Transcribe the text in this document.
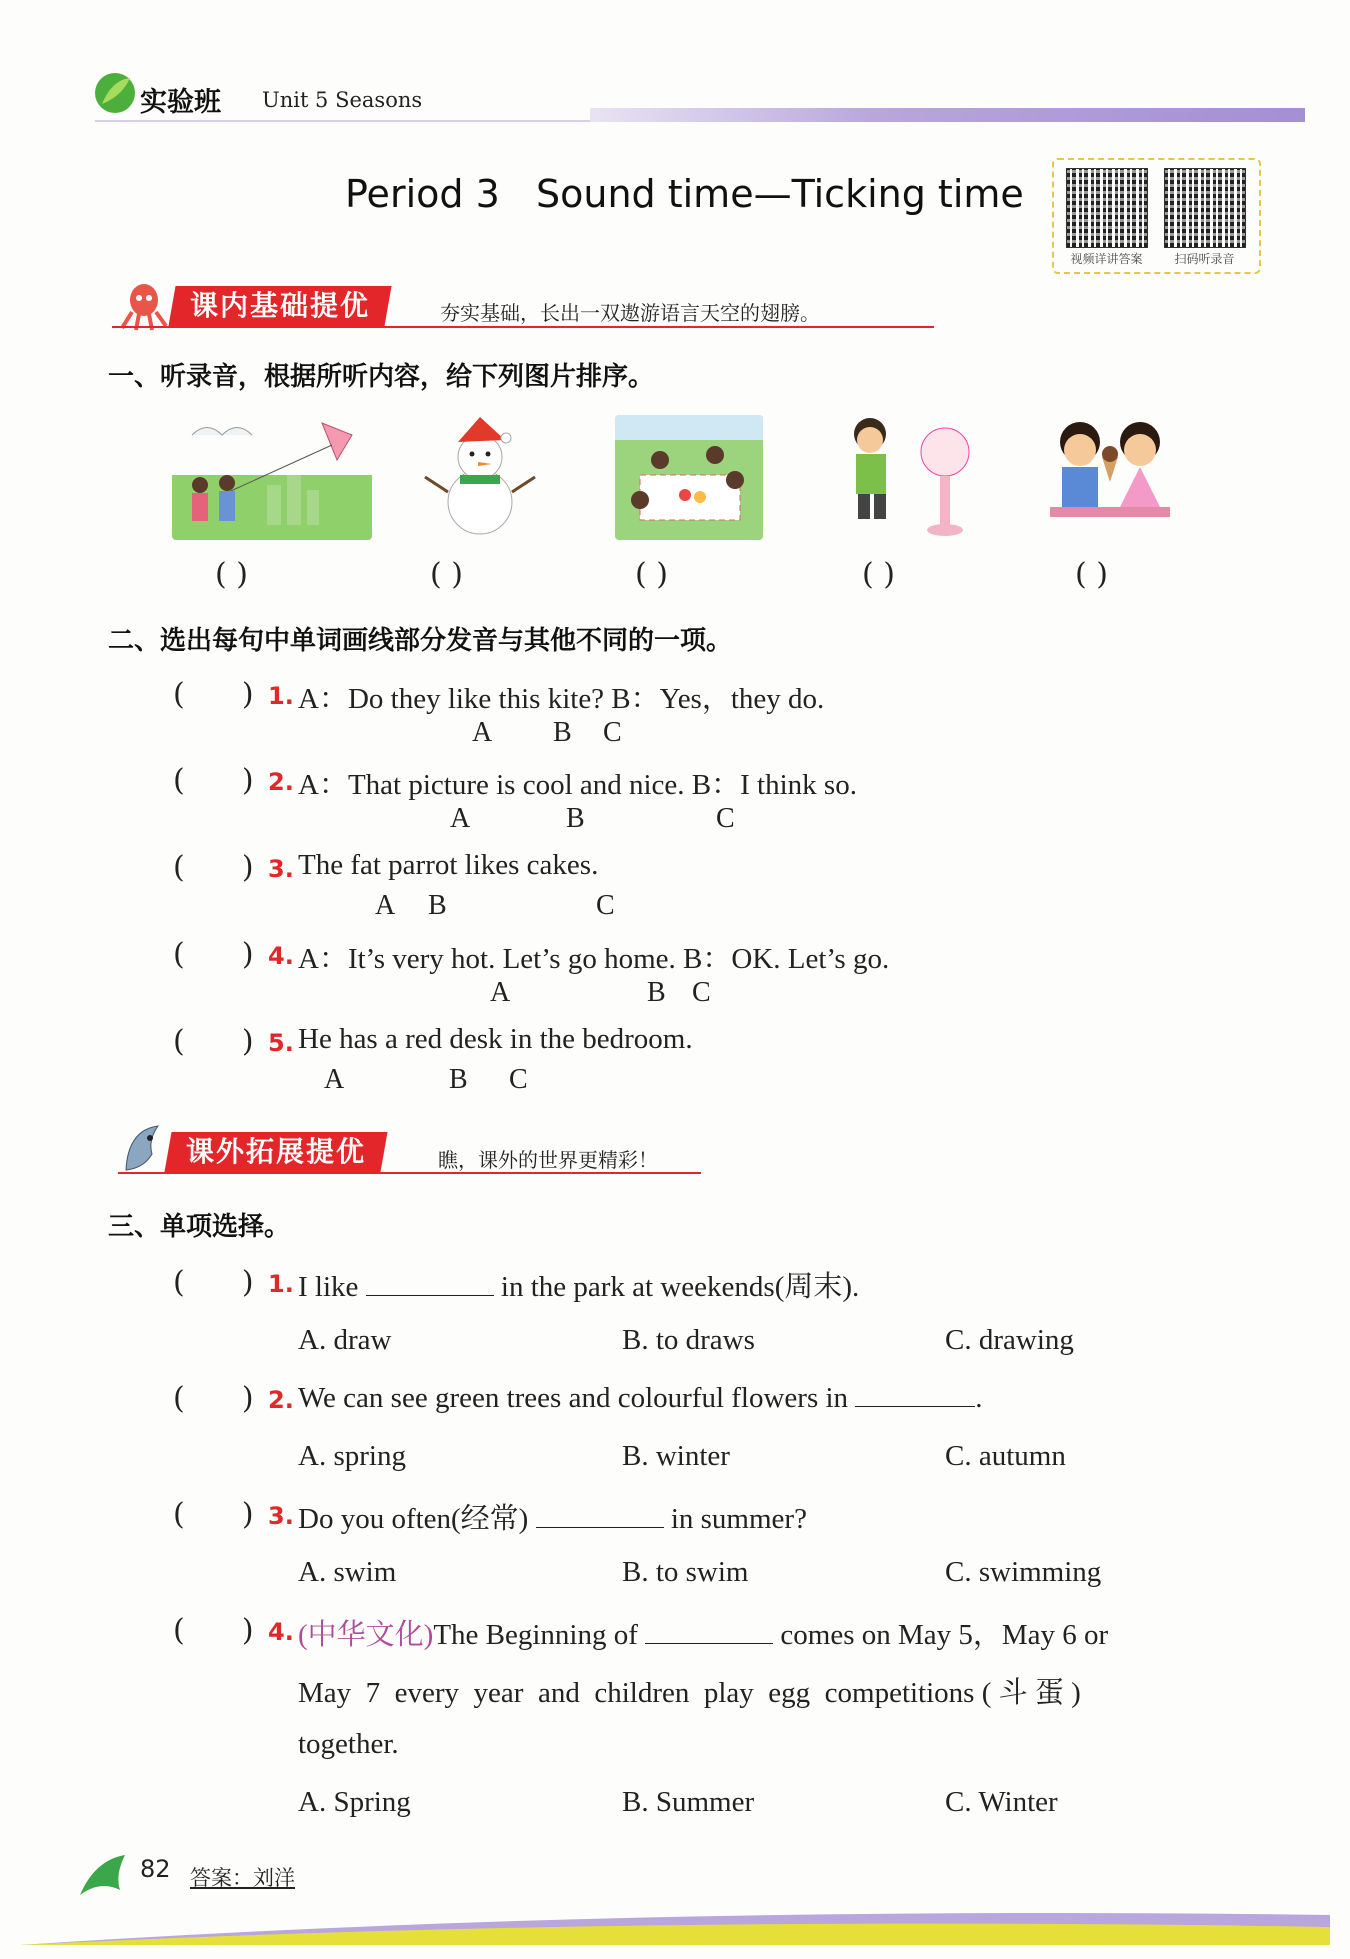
实验班 Unit 5 Seasons
Period 3   Sound time—Ticking time
视频详讲答案	扫码听录音
课内基础提优	夯实基础，长出一双遨游语言天空的翅膀。
一、听录音，根据所听内容，给下列图片排序。
( )	( )	( )	( )	( )
二、选出每句中单词画线部分发音与其他不同的一项。
(      ) 1. A：Do they like this kite? B：Yes，they do.
A B C
(      ) 2. A：That picture is cool and nice. B：I think so.
A	B	C
(      ) 3. The fat parrot likes cakes.
A B	C
(      ) 4. A：It’s very hot. Let’s go home. B：OK. Let’s go.
A	B C
(      ) 5. He has a red desk in the bedroom.
A	B C
课外拓展提优	瞧，课外的世界更精彩！
三、单项选择。
(      ) 1. I like	in the park at weekends(周末).
A. draw	B. to draws	C. drawing
(      ) 2. We can see green trees and colourful flowers in	.
A. spring	B. winter	C. autumn
(      ) 3. Do you often(经常)	in summer?
A. swim	B. to swim	C. swimming
(      ) 4. (中华文化)The Beginning of	comes on May 5，May 6 or
May  7  every  year  and  children  play  egg  competitions ( 斗 蛋 )
together.
A. Spring	B. Summer	C. Winter
82 答案：刘洋
